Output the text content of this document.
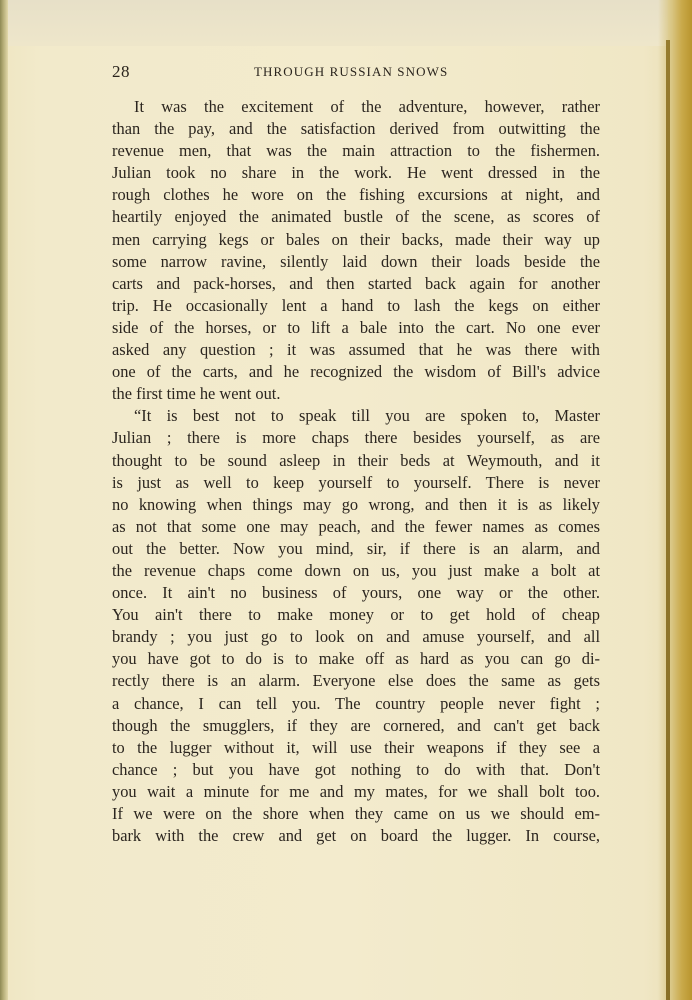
28	THROUGH RUSSIAN SNOWS
It was the excitement of the adventure, however, rather
than the pay, and the satisfaction derived from outwitting the
revenue men, that was the main attraction to the fishermen.
Julian took no share in the work. He went dressed in the
rough clothes he wore on the fishing excursions at night, and
heartily enjoyed the animated bustle of the scene, as scores of
men carrying kegs or bales on their backs, made their way up
some narrow ravine, silently laid down their loads beside the
carts and pack-horses, and then started back again for another
trip. He occasionally lent a hand to lash the kegs on either
side of the horses, or to lift a bale into the cart. No one ever
asked any question ; it was assumed that he was there with
one of the carts, and he recognized the wisdom of Bill's advice
the first time he went out.
“It is best not to speak till you are spoken to, Master
Julian ; there is more chaps there besides yourself, as are
thought to be sound asleep in their beds at Weymouth, and it
is just as well to keep yourself to yourself. There is never
no knowing when things may go wrong, and then it is as likely
as not that some one may peach, and the fewer names as comes
out the better. Now you mind, sir, if there is an alarm, and
the revenue chaps come down on us, you just make a bolt at
once. It ain't no business of yours, one way or the other.
You ain't there to make money or to get hold of cheap
brandy ; you just go to look on and amuse yourself, and all
you have got to do is to make off as hard as you can go di-
rectly there is an alarm. Everyone else does the same as gets
a chance, I can tell you. The country people never fight ;
though the smugglers, if they are cornered, and can't get back
to the lugger without it, will use their weapons if they see a
chance ; but you have got nothing to do with that. Don't
you wait a minute for me and my mates, for we shall bolt too.
If we were on the shore when they came on us we should em-
bark with the crew and get on board the lugger. In course,
